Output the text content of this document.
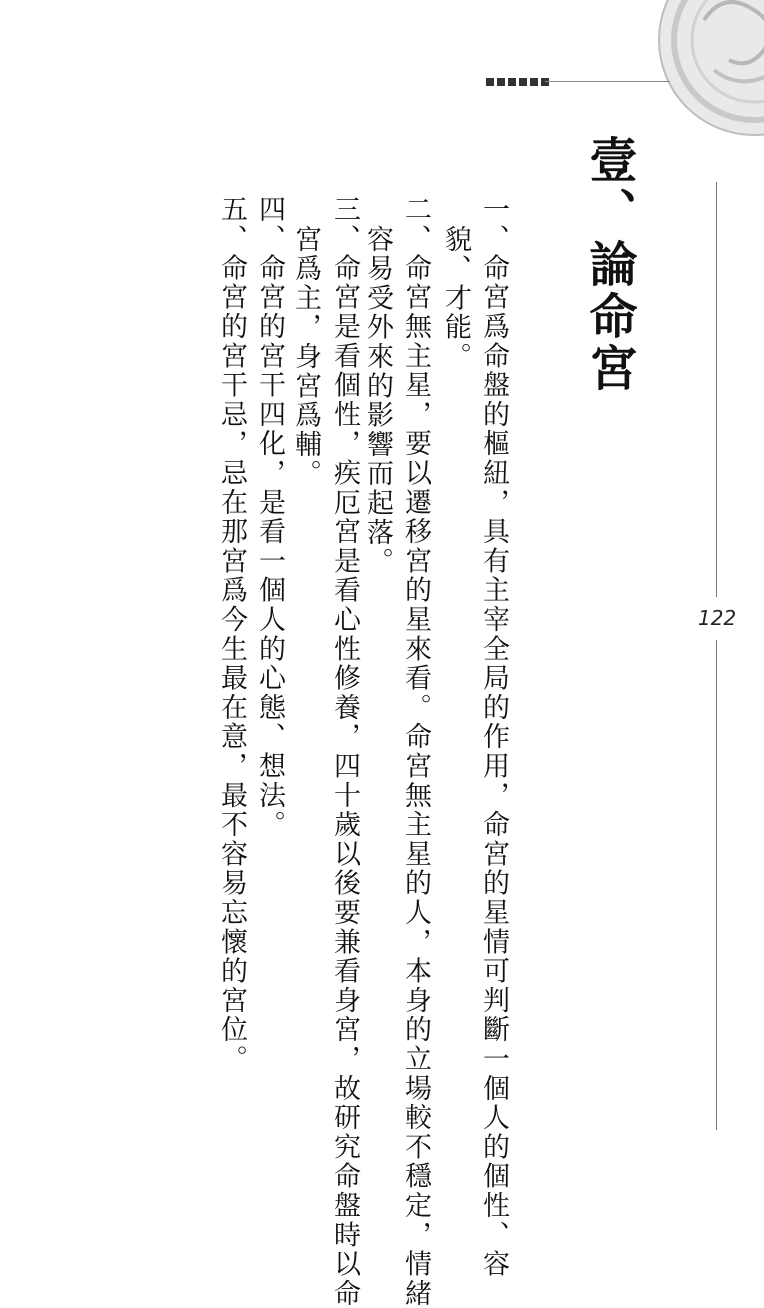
122
壹、論命宮
一、命宮爲命盤的樞紐，具有主宰全局的作用，命宮的星情可判斷一個人的個性、容
貌、才能。
二、命宮無主星，要以遷移宮的星來看。命宮無主星的人，本身的立場較不穩定，情緒
容易受外來的影響而起落。
三、命宮是看個性，疾厄宮是看心性修養，四十歲以後要兼看身宮，故研究命盤時以命
宮爲主，身宮爲輔。
四、命宮的宮干四化，是看一個人的心態、想法。
五、命宮的宮干忌，忌在那宮爲今生最在意，最不容易忘懷的宮位。
